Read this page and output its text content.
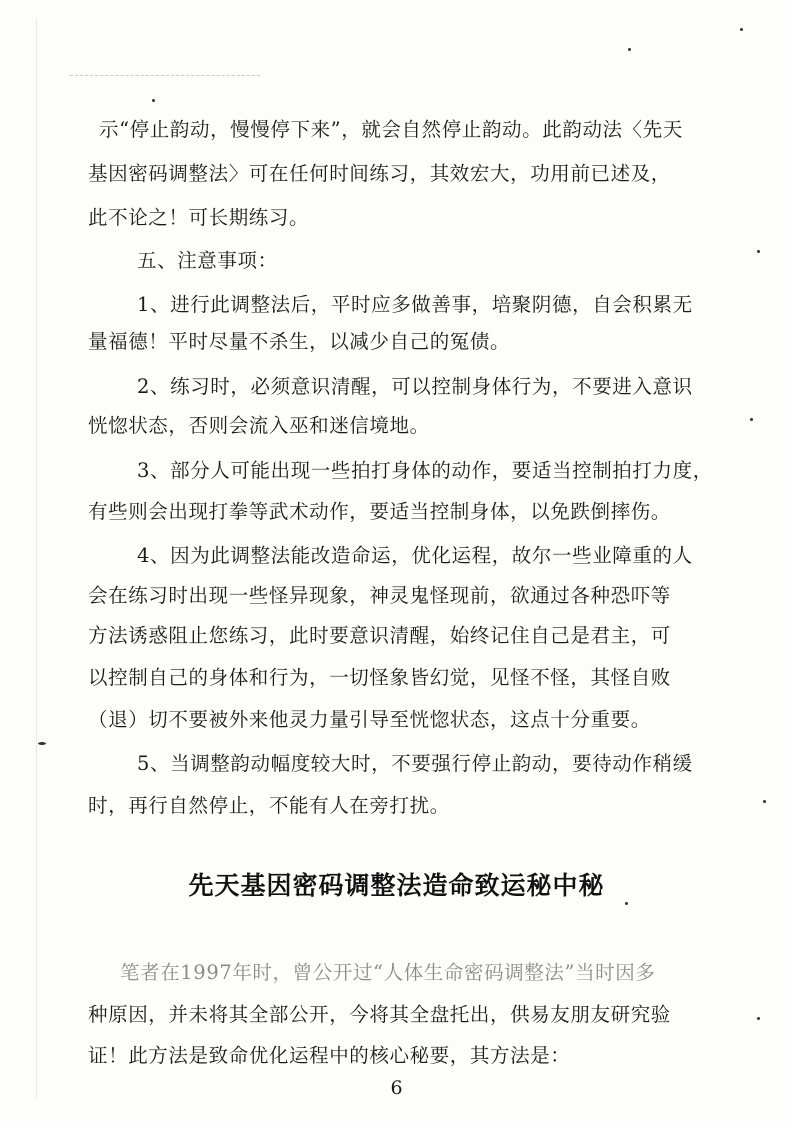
示“停止韵动，慢慢停下来”，就会自然停止韵动。此韵动法〈先天
基因密码调整法〉可在任何时间练习，其效宏大，功用前已述及，
此不论之！可长期练习。
五、注意事项：
1、进行此调整法后，平时应多做善事，培聚阴德，自会积累无
量福德！平时尽量不杀生，以减少自己的冤债。
2、练习时，必须意识清醒，可以控制身体行为，不要进入意识
恍惚状态，否则会流入巫和迷信境地。
3、部分人可能出现一些拍打身体的动作，要适当控制拍打力度，
有些则会出现打拳等武术动作，要适当控制身体，以免跌倒摔伤。
4、因为此调整法能改造命运，优化运程，故尔一些业障重的人
会在练习时出现一些怪异现象，神灵鬼怪现前，欲通过各种恐吓等
方法诱惑阻止您练习，此时要意识清醒，始终记住自己是君主，可
以控制自己的身体和行为，一切怪象皆幻觉，见怪不怪，其怪自败
（退）切不要被外来他灵力量引导至恍惚状态，这点十分重要。
5、当调整韵动幅度较大时，不要强行停止韵动，要待动作稍缓
时，再行自然停止，不能有人在旁打扰。
先天基因密码调整法造命致运秘中秘
笔者在1997年时，曾公开过“人体生命密码调整法”当时因多
种原因，并未将其全部公开，今将其全盘托出，供易友朋友研究验
证！此方法是致命优化运程中的核心秘要，其方法是：
6
